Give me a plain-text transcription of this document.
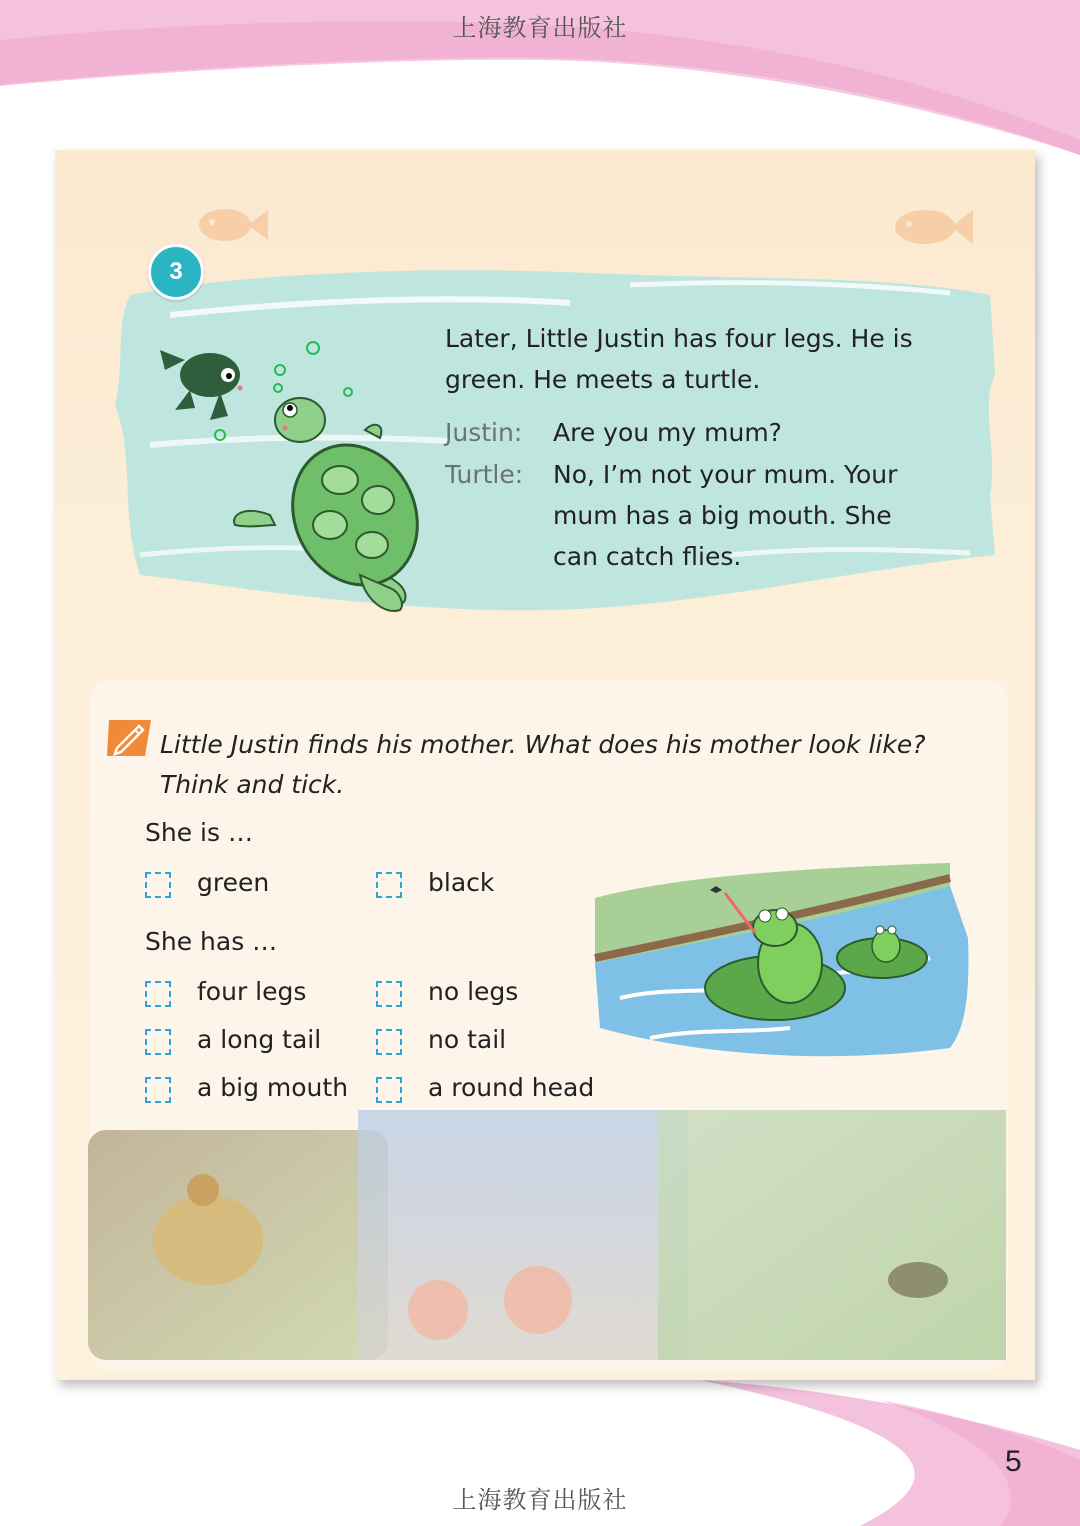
上海教育出版社
3
Later, Little Justin has four legs. He is green. He meets a turtle.
Justin: Are you my mum?
Turtle: No, I’m not your mum. Your
mum has a big mouth. She
can catch flies.
Little Justin finds his mother. What does his mother look like?
Think and tick.
She is …
green	black
She has …
four legs	no legs
a long tail	no tail
a big mouth	a round head
5
上海教育出版社
